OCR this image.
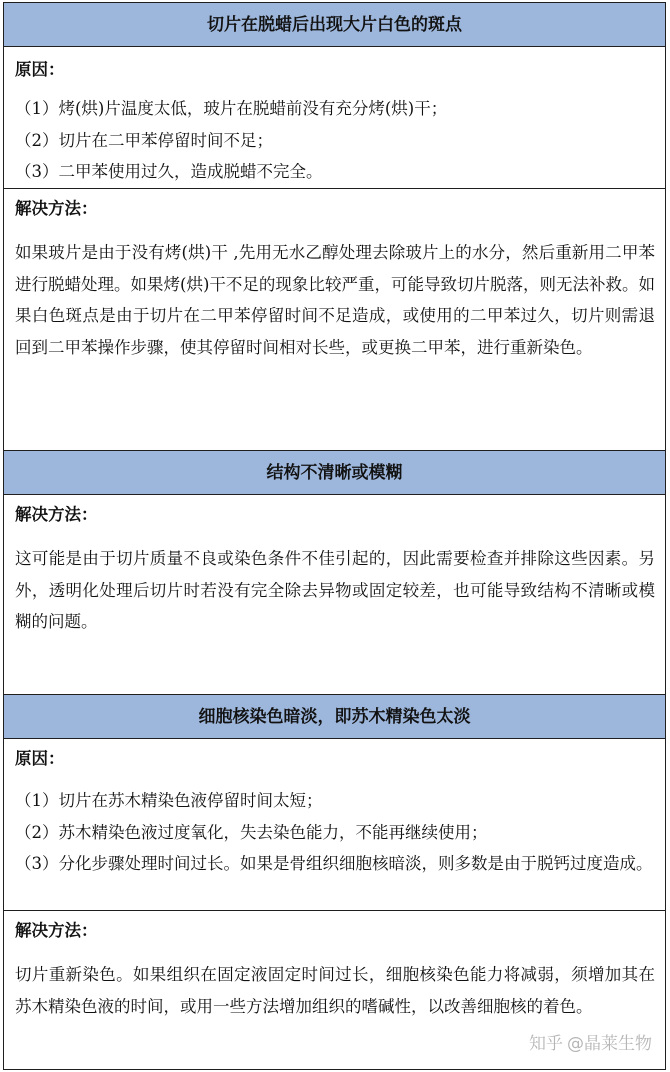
切片在脱蜡后出现大片白色的斑点
原因：
（1）烤(烘)片温度太低，玻片在脱蜡前没有充分烤(烘)干；
（2）切片在二甲苯停留时间不足；
（3）二甲苯使用过久，造成脱蜡不完全。
解决方法：
如果玻片是由于没有烤(烘)干 ,先用无水乙醇处理去除玻片上的水分，然后重新用二甲苯进行脱蜡处理。如果烤(烘)干不足的现象比较严重，可能导致切片脱落，则无法补救。如果白色斑点是由于切片在二甲苯停留时间不足造成，或使用的二甲苯过久，切片则需退回到二甲苯操作步骤，使其停留时间相对长些，或更换二甲苯，进行重新染色。
结构不清晰或模糊
解决方法：
这可能是由于切片质量不良或染色条件不佳引起的，因此需要检查并排除这些因素。另外，透明化处理后切片时若没有完全除去异物或固定较差，也可能导致结构不清晰或模糊的问题。
细胞核染色暗淡，即苏木精染色太淡
原因：
（1）切片在苏木精染色液停留时间太短；
（2）苏木精染色液过度氧化，失去染色能力，不能再继续使用；
（3）分化步骤处理时间过长。如果是骨组织细胞核暗淡，则多数是由于脱钙过度造成。
解决方法：
切片重新染色。如果组织在固定液固定时间过长，细胞核染色能力将减弱，须增加其在苏木精染色液的时间，或用一些方法增加组织的嗜碱性，以改善细胞核的着色。
知乎 @晶莱生物
